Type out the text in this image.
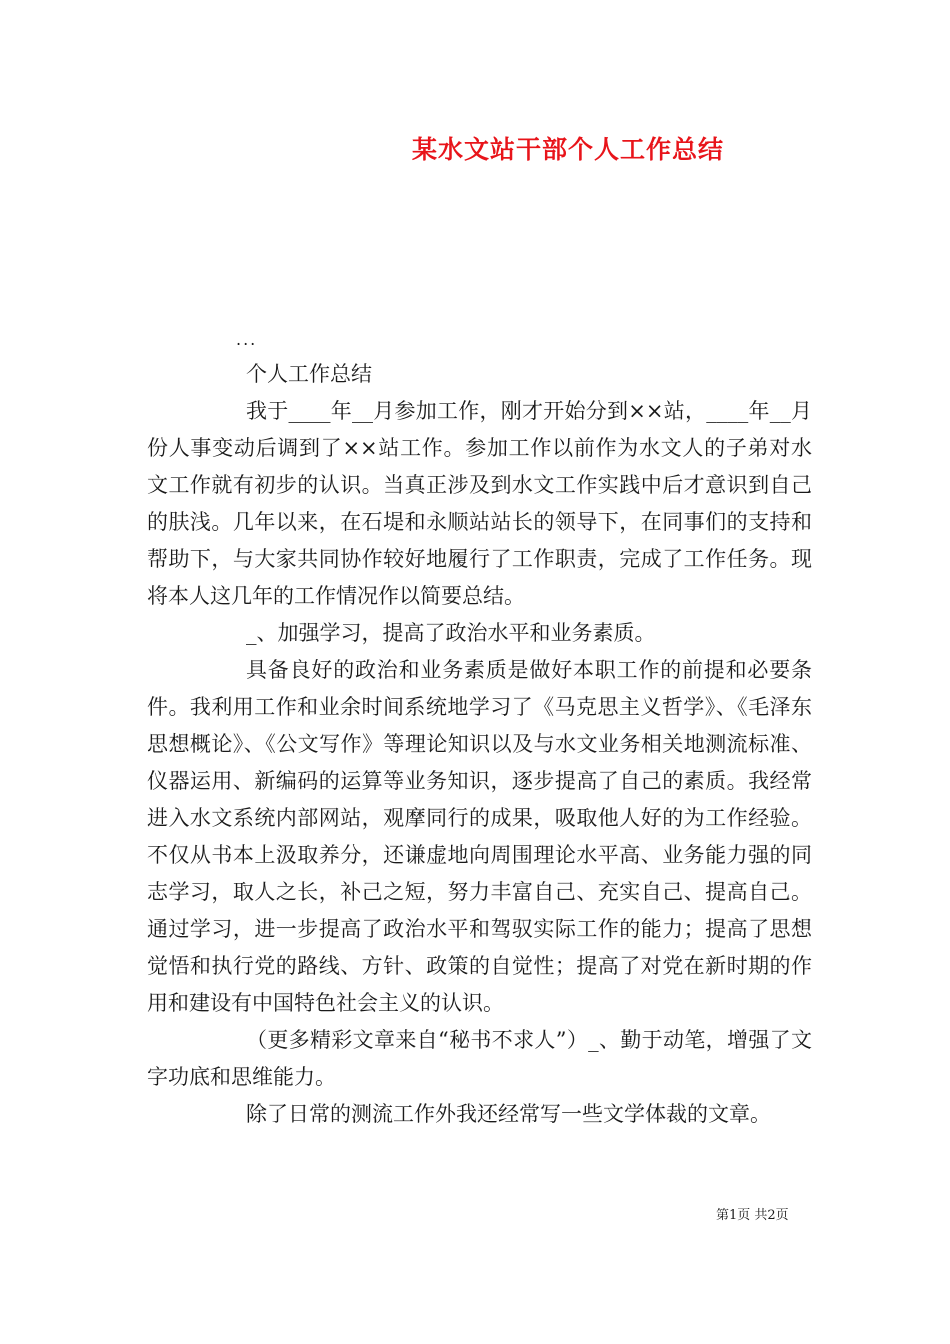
某水文站干部个人工作总结
...

个人工作总结

我于____年__月参加工作，刚才开始分到××站，____年__月份人事变动后调到了××站工作。参加工作以前作为水文人的子弟对水文工作就有初步的认识。当真正涉及到水文工作实践中后才意识到自己的肤浅。几年以来，在石堤和永顺站站长的领导下，在同事们的支持和帮助下，与大家共同协作较好地履行了工作职责，完成了工作任务。现将本人这几年的工作情况作以简要总结。

_、加强学习，提高了政治水平和业务素质。

具备良好的政治和业务素质是做好本职工作的前提和必要条件。我利用工作和业余时间系统地学习了《马克思主义哲学》、《毛泽东思想概论》、《公文写作》等理论知识以及与水文业务相关地测流标准、仪器运用、新编码的运算等业务知识，逐步提高了自己的素质。我经常进入水文系统内部网站，观摩同行的成果，吸取他人好的为工作经验。不仅从书本上汲取养分，还谦虚地向周围理论水平高、业务能力强的同志学习，取人之长，补己之短，努力丰富自己、充实自己、提高自己。通过学习，进一步提高了政治水平和驾驭实际工作的能力；提高了思想觉悟和执行党的路线、方针、政策的自觉性；提高了对党在新时期的作用和建设有中国特色社会主义的认识。

（更多精彩文章来自“秘书不求人”）_、勤于动笔，增强了文字功底和思维能力。

除了日常的测流工作外我还经常写一些文学体裁的文章。

第1页 共2页
